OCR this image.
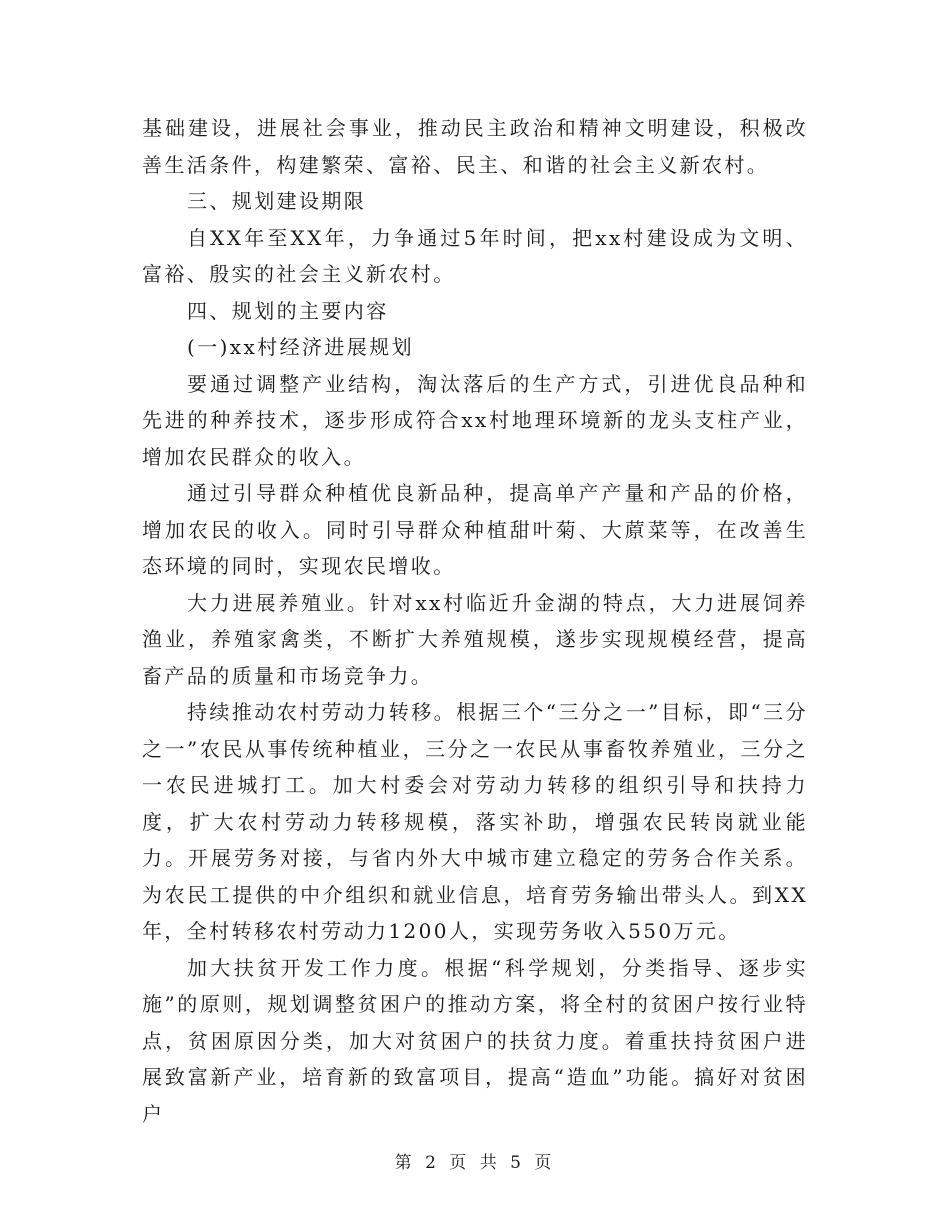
基础建设，进展社会事业，推动民主政治和精神文明建设，积极改善生活条件，构建繁荣、富裕、民主、和谐的社会主义新农村。

三、规划建设期限

自XX年至XX年，力争通过5年时间，把xx村建设成为文明、富裕、殷实的社会主义新农村。

四、规划的主要内容

(一)xx村经济进展规划

要通过调整产业结构，淘汰落后的生产方式，引进优良品种和先进的种养技术，逐步形成符合xx村地理环境新的龙头支柱产业，增加农民群众的收入。

通过引导群众种植优良新品种，提高单产产量和产品的价格，增加农民的收入。同时引导群众种植甜叶菊、大蒝菜等，在改善生态环境的同时，实现农民增收。

大力进展养殖业。针对xx村临近升金湖的特点，大力进展饲养渔业，养殖家禽类，不断扩大养殖规模，遂步实现规模经营，提高畜产品的质量和市场竞争力。

持续推动农村劳动力转移。根据三个“三分之一”目标，即“三分之一”农民从事传统种植业，三分之一农民从事畜牧养殖业，三分之一农民进城打工。加大村委会对劳动力转移的组织引导和扶持力度，扩大农村劳动力转移规模，落实补助，增强农民转岗就业能力。开展劳务对接，与省内外大中城市建立稳定的劳务合作关系。为农民工提供的中介组织和就业信息，培育劳务输出带头人。到XX年，全村转移农村劳动力1200人，实现劳务收入550万元。

加大扶贫开发工作力度。根据“科学规划，分类指导、逐步实施”的原则，规划调整贫困户的推动方案，将全村的贫困户按行业特点，贫困原因分类，加大对贫困户的扶贫力度。着重扶持贫困户进展致富新产业，培育新的致富项目，提高“造血”功能。搞好对贫困户

第 2 页 共 5 页
